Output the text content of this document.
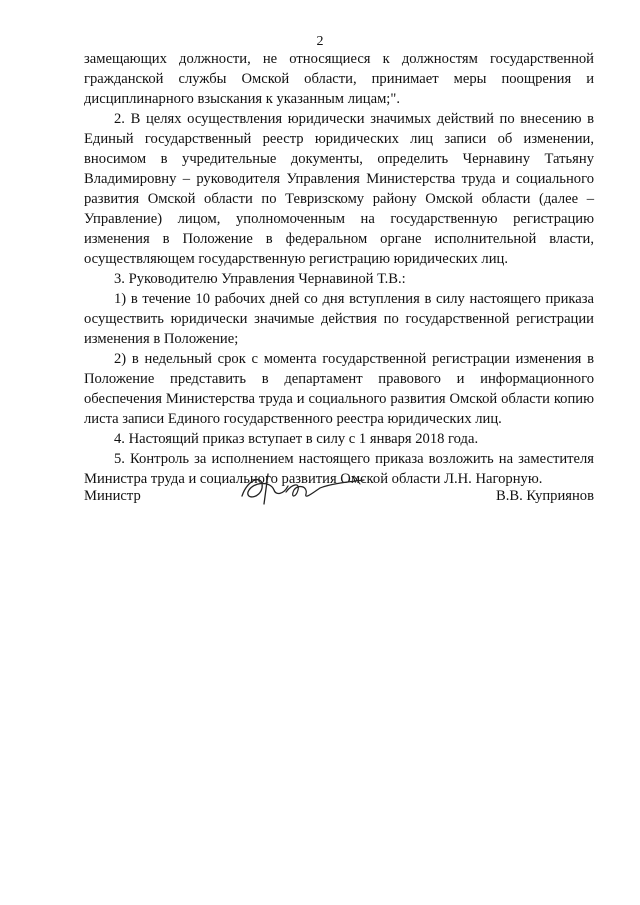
2

замещающих должности, не относящиеся к должностям государственной гражданской службы Омской области, принимает меры поощрения и дисциплинарного взыскания к указанным лицам;".

2. В целях осуществления юридически значимых действий по внесению в Единый государственный реестр юридических лиц записи об изменении, вносимом в учредительные документы, определить Чернавину Татьяну Владимировну – руководителя Управления Министерства труда и социального развития Омской области по Тевризскому району Омской области (далее – Управление) лицом, уполномоченным на государственную регистрацию изменения в Положение в федеральном органе исполнительной власти, осуществляющем государственную регистрацию юридических лиц.

3. Руководителю Управления Чернавиной Т.В.:

1) в течение 10 рабочих дней со дня вступления в силу настоящего приказа осуществить юридически значимые действия по государственной регистрации изменения в Положение;

2) в недельный срок с момента государственной регистрации изменения в Положение представить в департамент правового и информационного обеспечения Министерства труда и социального развития Омской области копию листа записи Единого государственного реестра юридических лиц.

4. Настоящий приказ вступает в силу с 1 января 2018 года.

5. Контроль за исполнением настоящего приказа возложить на заместителя Министра труда и социального развития Омской области Л.Н. Нагорную.

Министр	В.В. Куприянов
